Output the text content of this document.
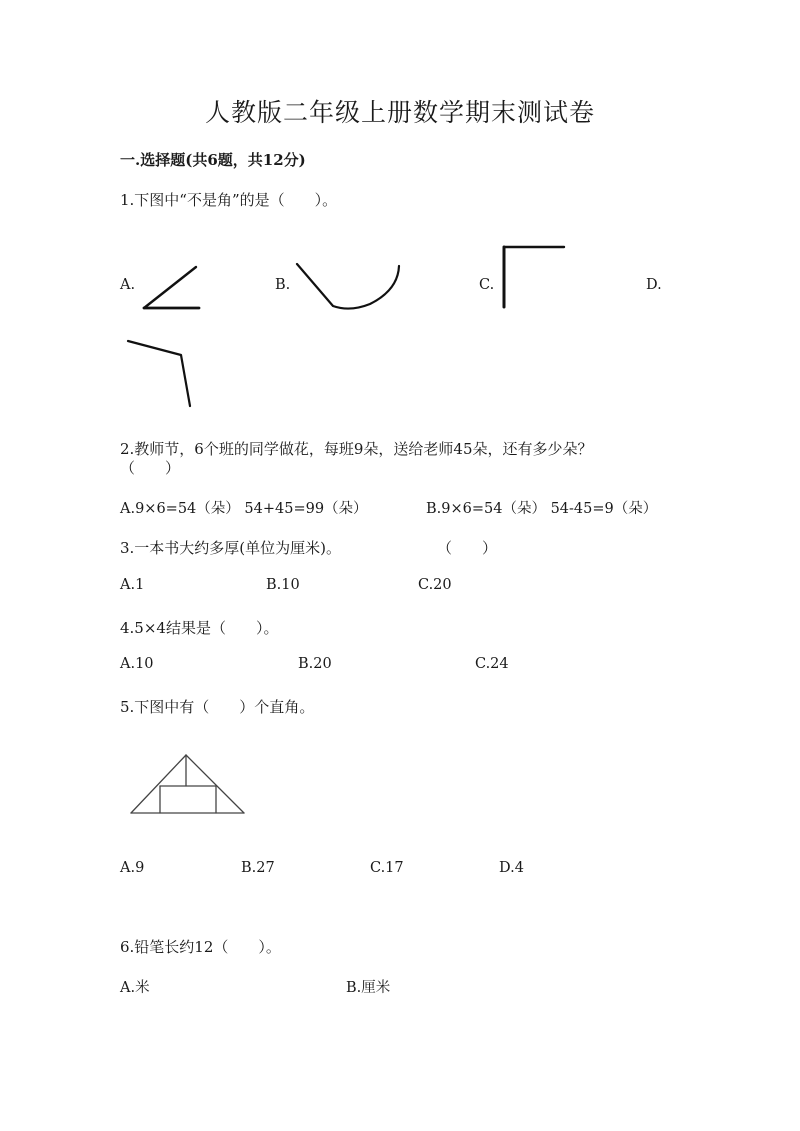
人教版二年级上册数学期末测试卷
一.选择题(共6题，共12分)
1.下图中“不是角”的是（　　）。
A.	B.	C.	D.
2.教师节，6个班的同学做花，每班9朵，送给老师45朵，还有多少朵？
（　　）
A.9×6=54（朵） 54+45=99（朵）	B.9×6=54（朵） 54-45=9（朵）
3.一本书大约多厚(单位为厘米)。	（　　）
A.1	B.10	C.20
4.5×4结果是（　　）。
A.10	B.20	C.24
5.下图中有（　　）个直角。
A.9	B.27	C.17	D.4
6.铅笔长约12（　　）。
A.米	B.厘米
